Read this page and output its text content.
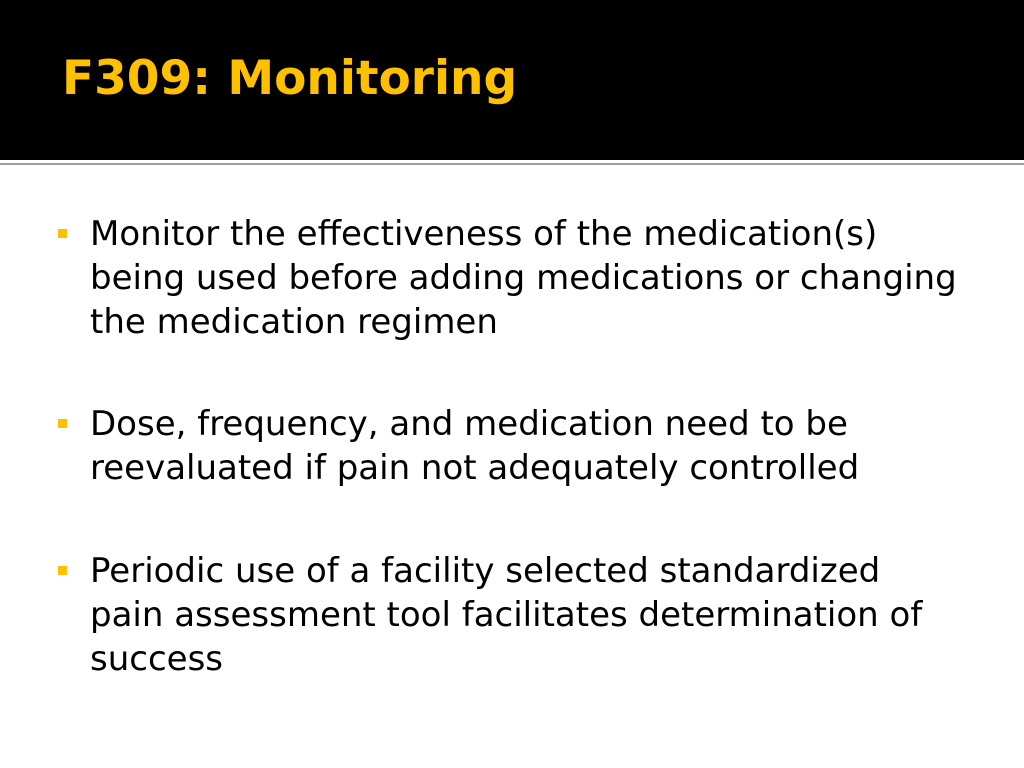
F309: Monitoring
Monitor the effectiveness of the medication(s) being used before adding medications or changing the medication regimen
Dose, frequency, and medication need to be reevaluated if pain not adequately controlled
Periodic use of a facility selected standardized pain assessment tool facilitates determination of success
